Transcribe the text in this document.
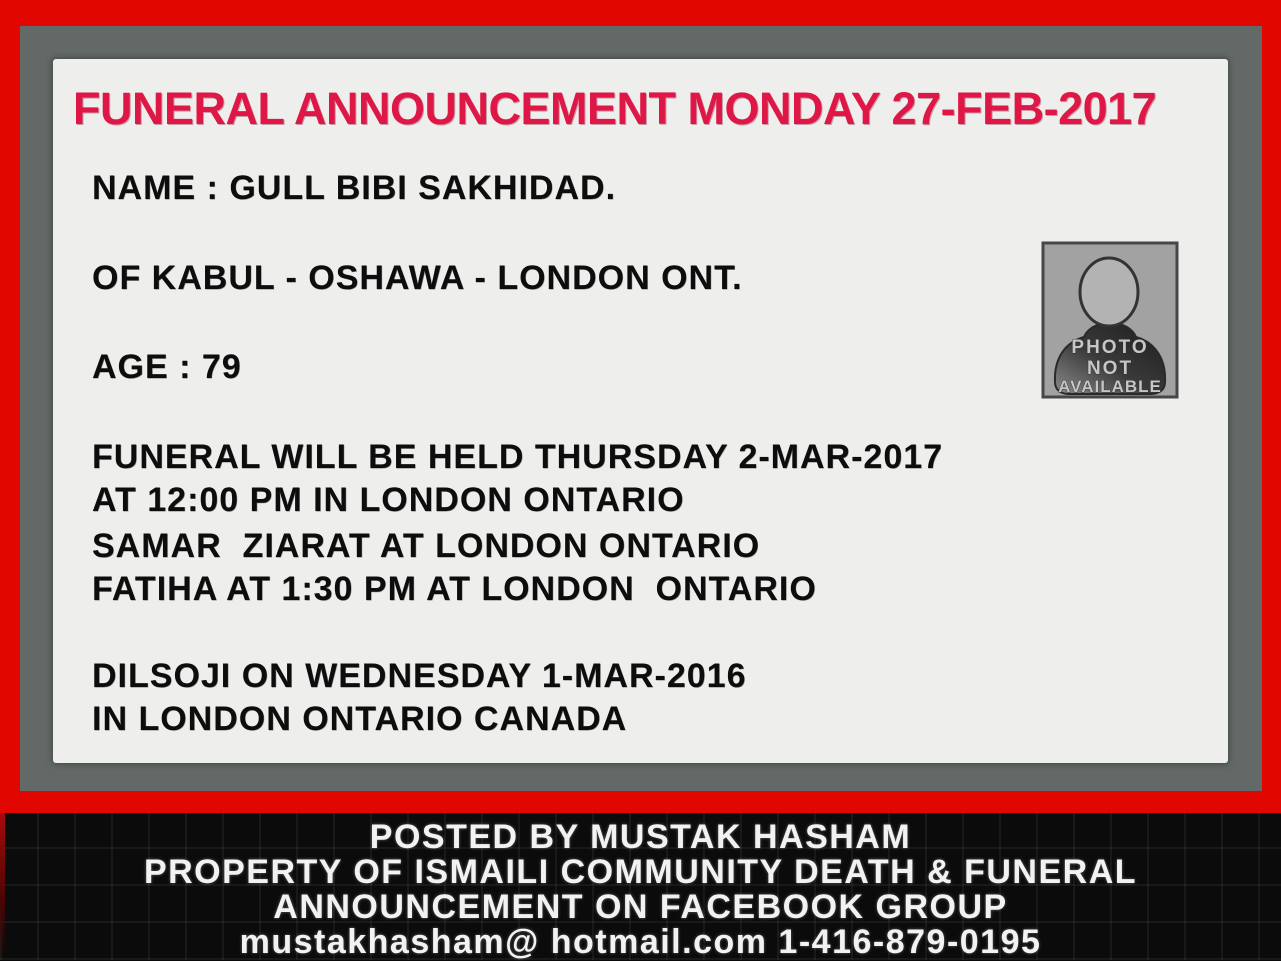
FUNERAL ANNOUNCEMENT MONDAY 27-FEB-2017
NAME : GULL BIBI SAKHIDAD.
OF KABUL - OSHAWA - LONDON ONT.
AGE : 79
FUNERAL WILL BE HELD THURSDAY 2-MAR-2017
AT 12:00 PM IN LONDON ONTARIO
SAMAR  ZIARAT AT LONDON ONTARIO
FATIHA AT 1:30 PM AT LONDON  ONTARIO
DILSOJI ON WEDNESDAY 1-MAR-2016
IN LONDON ONTARIO CANADA
PHOTO
NOT
AVAILABLE
POSTED BY MUSTAK HASHAM
PROPERTY OF ISMAILI COMMUNITY DEATH & FUNERAL
ANNOUNCEMENT ON FACEBOOK GROUP
mustakhasham@ hotmail.com 1-416-879-0195
